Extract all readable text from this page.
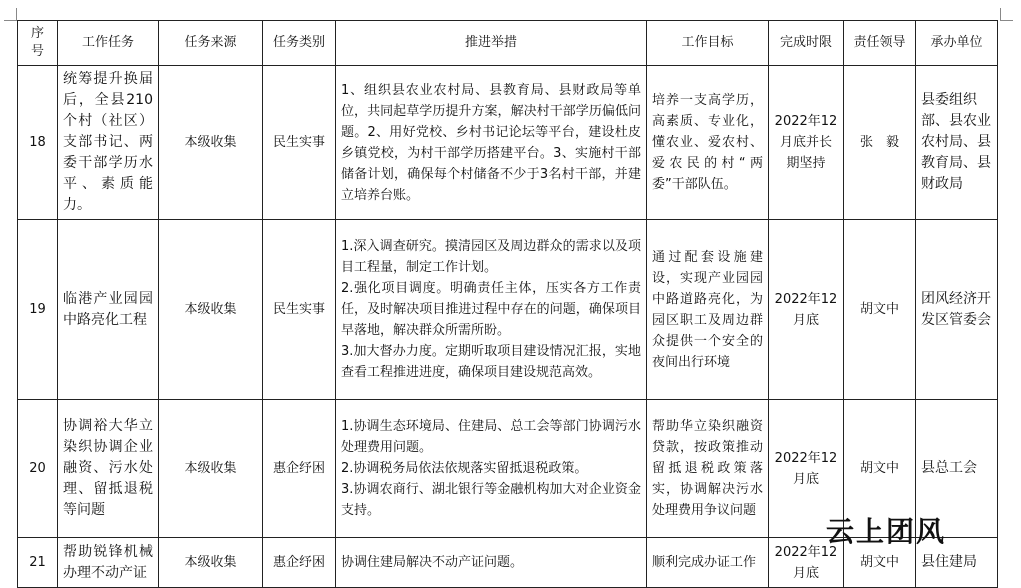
序号	工作任务	任务来源	任务类别	推进举措	工作目标	完成时限	责任领导	承办单位
18	统筹提升换届后，全县210个村（社区）支部书记、两委干部学历水平、素质能力。	本级收集	民生实事	1、组织县农业农村局、县教育局、县财政局等单位，共同起草学历提升方案，解决村干部学历偏低问题。2、用好党校、乡村书记论坛等平台，建设杜皮乡镇党校，为村干部学历搭建平台。3、实施村干部储备计划，确保每个村储备不少于3名村干部，并建立培养台账。	培养一支高学历，高素质、专业化，懂农业、爱农村、爱农民的村“两委”干部队伍。	2022年12月底并长期坚持	张　毅	县委组织部、县农业农村局、县教育局、县财政局
19	临港产业园园中路亮化工程	本级收集	民生实事	1.深入调查研究。摸清园区及周边群众的需求以及项目工程量，制定工作计划。
2.强化项目调度。明确责任主体，压实各方工作责任，及时解决项目推进过程中存在的问题，确保项目早落地，解决群众所需所盼。
3.加大督办力度。定期听取项目建设情况汇报，实地查看工程推进进度，确保项目建设规范高效。	通过配套设施建设，实现产业园园中路道路亮化，为园区职工及周边群众提供一个安全的夜间出行环境	2022年12月底	胡文中	团风经济开发区管委会
20	协调裕大华立染织协调企业融资、污水处理、留抵退税等问题	本级收集	惠企纾困	1.协调生态环境局、住建局、总工会等部门协调污水处理费用问题。
2.协调税务局依法依规落实留抵退税政策。
3.协调农商行、湖北银行等金融机构加大对企业资金支持。	帮助华立染织融资贷款，按政策推动留抵退税政策落实，协调解决污水处理费用争议问题	2022年12月底	胡文中	县总工会
21	帮助锐锋机械办理不动产证	本级收集	惠企纾困	协调住建局解决不动产证问题。	顺利完成办证工作	2022年12月底	胡文中	县住建局
云上团风
